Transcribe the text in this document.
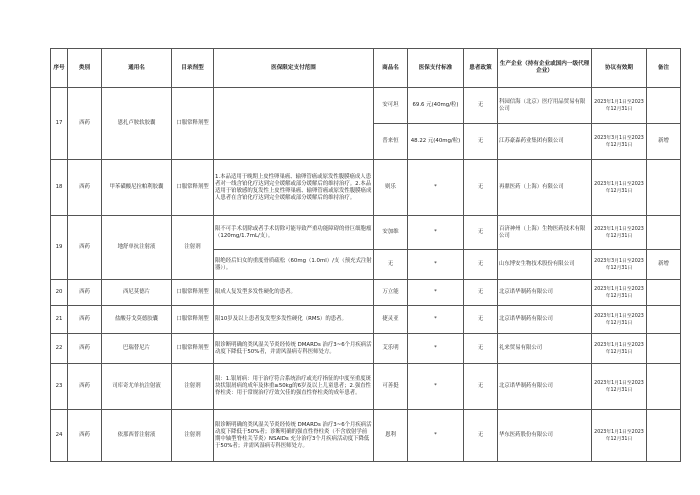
序号	类别	通用名	目录剂型	医保限定支付范围	商品名	医保支付标准	患者政策	生产企业（持有企业或国内一级代理企业）	协议有效期	备注
17	西药	恩扎卢胺软胶囊	口服常释剂型		安可坦	69.6 元(40mg/粒)	无	科园信海（北京）医疗用品贸易有限公司	2023年1月1日至2023年12月31日	
					普来恒	48.22 元(40mg/粒)	无	江苏豪森药业集团有限公司	2023年3月1日至2023年12月31日	新增
18	西药	甲苯磺酸尼拉帕利胶囊	口服常释剂型	1.本品适用于晚期上皮性卵巢癌、输卵管癌或原发性腹膜癌成人患者对一线含铂化疗达到完全缓解或部分缓解后的维持治疗。2.本品适用于铂敏感的复发性上皮性卵巢癌、输卵管癌或原发性腹膜癌成人患者在含铂化疗达到完全缓解或部分缓解后的维持治疗。	则乐	*	无	再鼎医药（上海）有限公司	2023年1月1日至2023年12月31日	
19	西药	地舒单抗注射液	注射剂	限不可手术切除或者手术切除可能导致严重功能障碍的骨巨细胞瘤（120mg/1.7mL/支）。	安加维	*	无	百济神州（上海）生物医药技术有限公司	2023年1月1日至2023年12月31日	
				限绝经后妇女的重度骨质疏松（60mg（1.0ml）/支（预充式注射器））。	无	*	无	山东博安生物技术股份有限公司	2023年3月1日至2023年12月31日	新增
20	西药	西尼莫德片	口服常释剂型	限成人复发型多发性硬化的患者。	万立能	*	无	北京诺华制药有限公司	2023年1月1日至2023年12月31日	
21	西药	盐酸芬戈莫德胶囊	口服常释剂型	限10岁及以上患者复发型多发性硬化（RMS）的患者。	捷灵亚	*	无	北京诺华制药有限公司	2023年1月1日至2023年12月31日	
22	西药	巴瑞替尼片	口服常释剂型	限诊断明确的类风湿关节炎经传统 DMARDs 治疗3~6个月疾病活动度下降低于50%者，并需风湿病专科医师处方。	艾乐明	*	无	礼来贸易有限公司	2023年1月1日至2023年12月31日	
23	西药	司库奇尤单抗注射液	注射剂	限：1.银屑病：用于治疗符合系统治疗或光疗指征的中度至重度斑块状银屑病的成年及体重≥50kg的6岁及以上儿童患者；2.强直性脊柱炎：用于常规治疗疗效欠佳的强直性脊柱炎的成年患者。	可善挺	*	无	北京诺华制药有限公司	2023年1月1日至2023年12月31日	
24	西药	依那西普注射液	注射剂	限诊断明确的类风湿关节炎经传统 DMARDs 治疗3~6个月疾病活动度下降低于50%者；诊断明确的强直性脊柱炎（不含放射学前期中轴型脊柱关节炎）NSAIDs 充分治疗3个月疾病活动度下降低于50%者；并需风湿病专科医师处方。	恩利	*	无	华东医药股份有限公司	2023年1月1日至2023年12月31日	
